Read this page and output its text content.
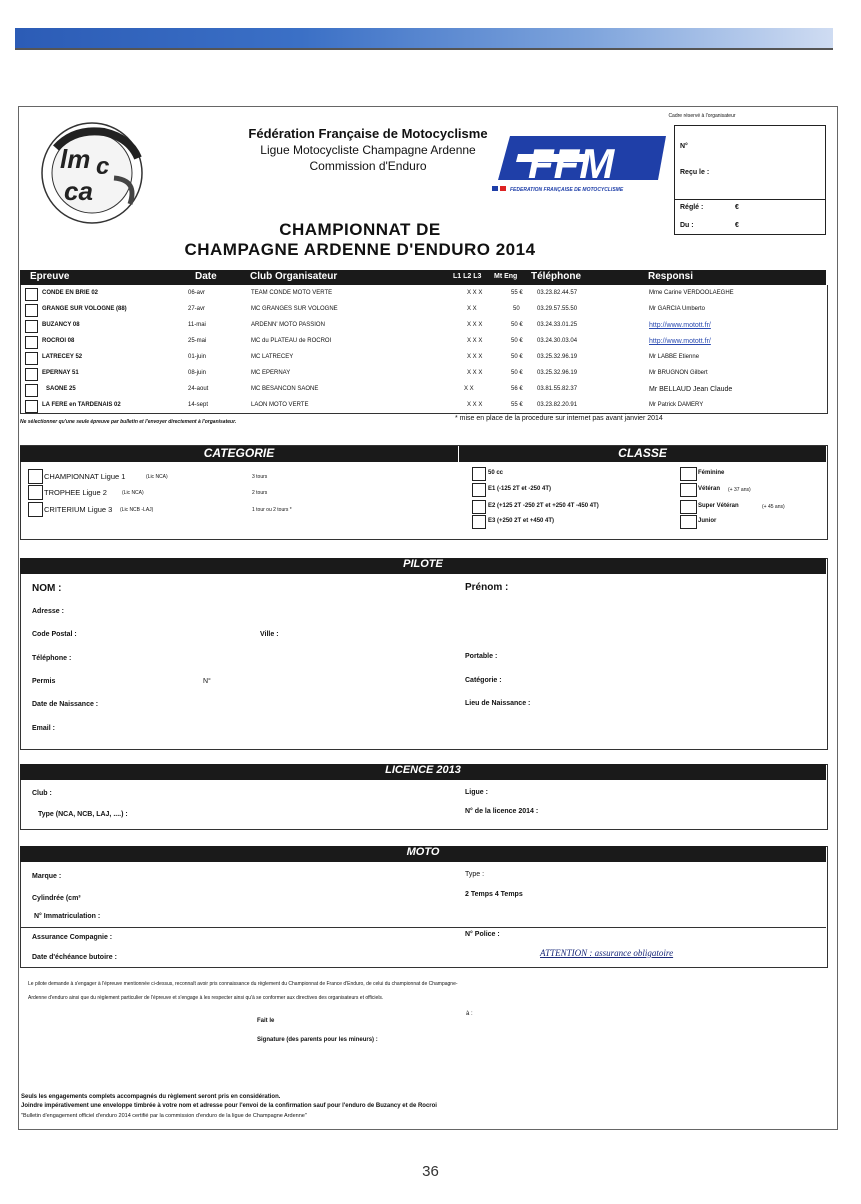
lm c
ca
Fédération Française de Motocyclisme
Ligue Motocycliste Champagne Ardenne
Commission d'Enduro	FFM
FEDERATION FRANÇAISE DE MOTOCYCLISME
Cadre réservé à l'organisateur
N°
Reçu le :
Réglé :	€
Du :	€
CHAMPIONNAT DE
CHAMPAGNE ARDENNE D'ENDURO 2014
Epreuve	Date	Club Organisateur	L1 L2 L3 Mt Eng Téléphone	Responsi
CONDE EN BRIE 02	06-avr	TEAM CONDE MOTO VERTE	X X X	55 € 03.23.82.44.57	Mme Carine VERDOOLAEGHE
GRANGE SUR VOLOGNE (88)	27-avr	MC GRANGES SUR VOLOGNE	X X	50	03.29.57.55.50	Mr GARCIA Umberto
BUZANCY 08	11-mai	ARDENN' MOTO PASSION	X X X	50 € 03.24.33.01.25	http://www.motott.fr/
ROCROI 08	25-mai	MC du PLATEAU de ROCROI	X X X	50 € 03.24.30.03.04	http://www.motott.fr/
LATRECEY 52	01-juin	MC LATRECEY	X X X	50 € 03.25.32.96.19	Mr LABBE Etienne
EPERNAY 51	08-juin	MC EPERNAY	X X X	50 € 03.25.32.96.19	Mr BRUGNON Gilbert
SAONE 25	24-aout	MC BESANCON SAONE	X X	56 € 03.81.55.82.37	Mr BELLAUD Jean Claude
LA FERE en TARDENAIS 02	14-sept	LAON MOTO VERTE	X X X	55 € 03.23.82.20.91	Mr Patrick DAMERY
Ne sélectionner qu'une seule épreuve par bulletin et l'envoyer directement à l'organisateur.	* mise en place de la procedure sur internet pas avant janvier 2014
CATEGORIE	CLASSE
CHAMPIONNAT Ligue 1	(Lic NCA)	3 tours
TROPHEE Ligue 2	(Lic NCA)	2 tours
CRITERIUM Ligue 3 (Lic NCB -LAJ)	1 tour ou 2 tours *
50 cc
E1 (-125 2T et -250 4T)
E2 (+125 2T -250 2T et +250 4T -450 4T)
E3 (+250 2T et +450 4T)
Féminine
Vétéran (+ 37 ans)
Super Vétéran	(+ 45 ans)
Junior
PILOTE
NOM :	Prénom :
Adresse :
Code Postal :	Ville :
Téléphone :	Portable :
Permis	N°	Catégorie :
Date de Naissance :	Lieu de Naissance :
Email :
LICENCE 2013
Club :	Ligue :
Type (NCA, NCB, LAJ, ....) :	N° de la licence 2014 :
MOTO
Marque :	Type :
Cylindrée (cm³
2 Temps 4 Temps
N° Immatriculation :
Assurance Compagnie :	N° Police :
Date d'échéance butoire :	ATTENTION : assurance obligatoire
Le pilote demande à s'engager à l'épreuve mentionnée ci-dessus, reconnaît avoir pris connaissance du règlement du Championnat de France d'Enduro, de celui du championnat de Champagne-
Ardenne d'enduro ainsi que du règlement particulier de l'épreuve et s'engage à les respecter ainsi qu'à se conformer aux directives des organisateurs et officiels.
à :
Fait le
Signature (des parents pour les mineurs) :
Seuls les engagements complets accompagnés du règlement seront pris en considération.
Joindre impérativement une enveloppe timbrée à votre nom et adresse pour l'envoi de la confirmation sauf pour l'enduro de Buzancy et de Rocroi
"Bulletin d'engagement officiel d'enduro 2014 certifié par la commission d'enduro de la ligue de Champagne Ardenne"
36
